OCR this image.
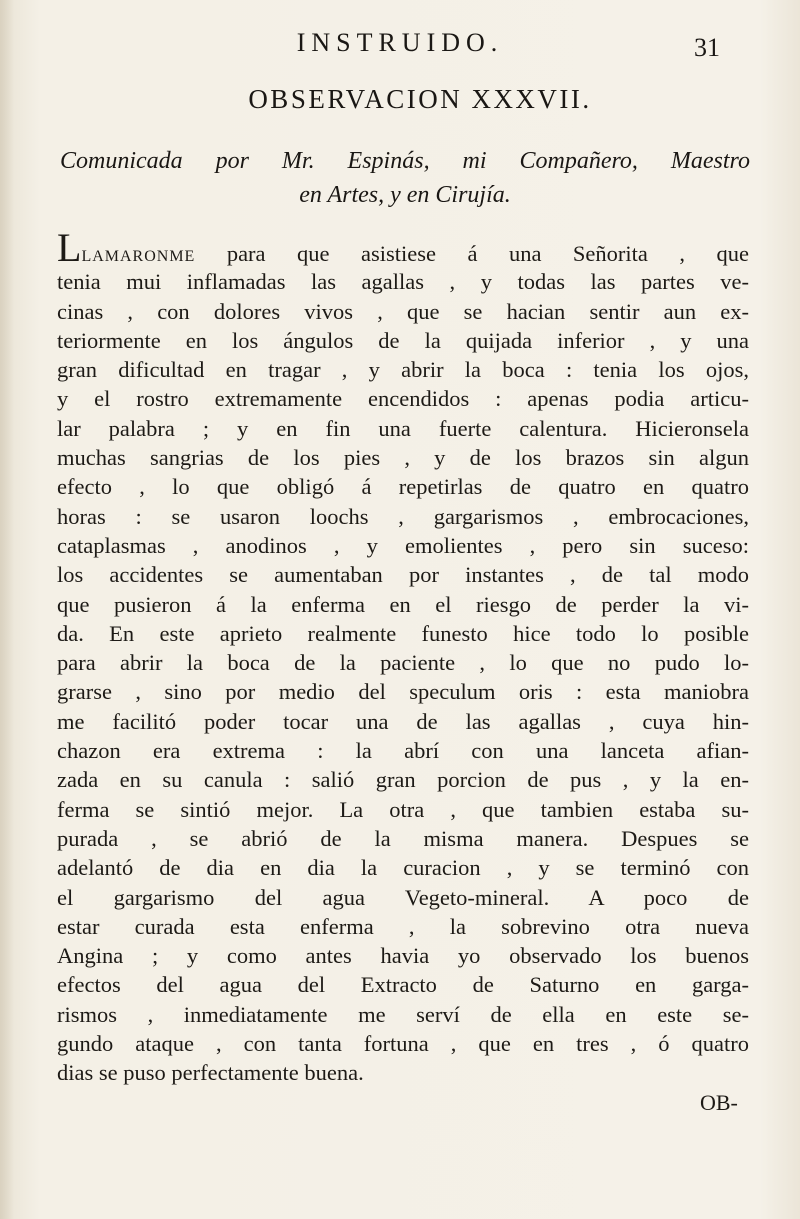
INSTRUIDO.	31
OBSERVACION XXXVII.
Comunicada por Mr. Espinás, mi Compañero, Maestro
en Artes, y en Cirujía.
Llamaronme para que asistiese á una Señorita , que
tenia mui inflamadas las agallas , y todas las partes ve-
cinas , con dolores vivos , que se hacian sentir aun ex-
teriormente en los ángulos de la quijada inferior , y una
gran dificultad en tragar , y abrir la boca : tenia los ojos,
y el rostro extremamente encendidos : apenas podia articu-
lar palabra ; y en fin una fuerte calentura. Hicieronsela
muchas sangrias de los pies , y de los brazos sin algun
efecto , lo que obligó á repetirlas de quatro en quatro
horas : se usaron loochs , gargarismos , embrocaciones,
cataplasmas , anodinos , y emolientes , pero sin suceso:
los accidentes se aumentaban por instantes , de tal modo
que pusieron á la enferma en el riesgo de perder la vi-
da. En este aprieto realmente funesto hice todo lo posible
para abrir la boca de la paciente , lo que no pudo lo-
grarse , sino por medio del speculum oris : esta maniobra
me facilitó poder tocar una de las agallas , cuya hin-
chazon era extrema : la abrí con una lanceta afian-
zada en su canula : salió gran porcion de pus , y la en-
ferma se sintió mejor. La otra , que tambien estaba su-
purada , se abrió de la misma manera. Despues se
adelantó de dia en dia la curacion , y se terminó con
el gargarismo del agua Vegeto-mineral. A poco de
estar curada esta enferma , la sobrevino otra nueva
Angina ; y como antes havia yo observado los buenos
efectos del agua del Extracto de Saturno en garga-
rismos , inmediatamente me serví de ella en este se-
gundo ataque , con tanta fortuna , que en tres , ó quatro
dias se puso perfectamente buena.
OB-
